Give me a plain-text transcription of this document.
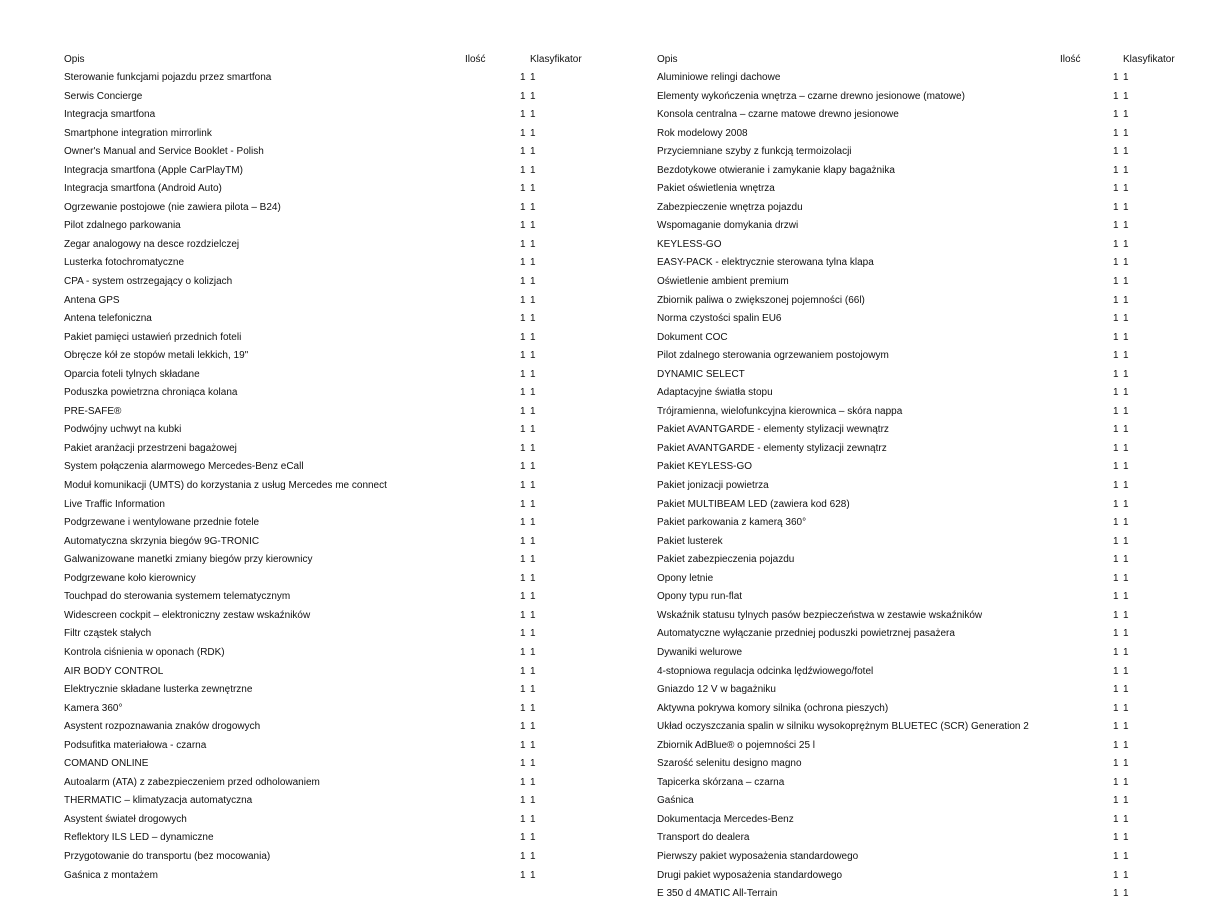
Opis	Ilość	Klasyfikator
Sterowanie funkcjami pojazdu przez smartfona	1 1
Serwis Concierge	1 1
Integracja smartfona	1 1
Smartphone integration mirrorlink	1 1
Owner's Manual and Service Booklet - Polish	1 1
Integracja smartfona (Apple CarPlayTM)	1 1
Integracja smartfona (Android Auto)	1 1
Ogrzewanie postojowe (nie zawiera pilota – B24)	1 1
Pilot zdalnego parkowania	1 1
Zegar analogowy na desce rozdzielczej	1 1
Lusterka fotochromatyczne	1 1
CPA - system ostrzegający o kolizjach	1 1
Antena GPS	1 1
Antena telefoniczna	1 1
Pakiet pamięci ustawień przednich foteli	1 1
Obręcze kół ze stopów metali lekkich, 19"	1 1
Oparcia foteli tylnych składane	1 1
Poduszka powietrzna chroniąca kolana	1 1
PRE-SAFE®	1 1
Podwójny uchwyt na kubki	1 1
Pakiet aranżacji przestrzeni bagażowej	1 1
System połączenia alarmowego Mercedes-Benz eCall	1 1
Moduł komunikacji (UMTS) do korzystania z usług Mercedes me connect	1 1
Live Traffic Information	1 1
Podgrzewane i wentylowane przednie fotele	1 1
Automatyczna skrzynia biegów 9G-TRONIC	1 1
Galwanizowane manetki zmiany biegów przy kierownicy	1 1
Podgrzewane koło kierownicy	1 1
Touchpad do sterowania systemem telematycznym	1 1
Widescreen cockpit – elektroniczny zestaw wskaźników	1 1
Filtr cząstek stałych	1 1
Kontrola ciśnienia w oponach (RDK)	1 1
AIR BODY CONTROL	1 1
Elektrycznie składane lusterka zewnętrzne	1 1
Kamera 360°	1 1
Asystent rozpoznawania znaków drogowych	1 1
Podsufitka materiałowa - czarna	1 1
COMAND ONLINE	1 1
Autoalarm (ATA) z zabezpieczeniem przed odholowaniem	1 1
THERMATIC – klimatyzacja automatyczna	1 1
Asystent świateł drogowych	1 1
Reflektory ILS LED – dynamiczne	1 1
Przygotowanie do transportu (bez mocowania)	1 1
Gaśnica z montażem	1 1
Opis	Ilość	Klasyfikator
Aluminiowe relingi dachowe	1 1
Elementy wykończenia wnętrza – czarne drewno jesionowe (matowe)	1 1
Konsola centralna – czarne matowe drewno jesionowe	1 1
Rok modelowy 2008	1 1
Przyciemniane szyby z funkcją termoizolacji	1 1
Bezdotykowe otwieranie i zamykanie klapy bagażnika	1 1
Pakiet oświetlenia wnętrza	1 1
Zabezpieczenie wnętrza pojazdu	1 1
Wspomaganie domykania drzwi	1 1
KEYLESS-GO	1 1
EASY-PACK - elektrycznie sterowana tylna klapa	1 1
Oświetlenie ambient premium	1 1
Zbiornik paliwa o zwiększonej pojemności (66l)	1 1
Norma czystości spalin EU6	1 1
Dokument COC	1 1
Pilot zdalnego sterowania ogrzewaniem postojowym	1 1
DYNAMIC SELECT	1 1
Adaptacyjne światła stopu	1 1
Trójramienna, wielofunkcyjna kierownica – skóra nappa	1 1
Pakiet AVANTGARDE - elementy stylizacji wewnątrz	1 1
Pakiet AVANTGARDE - elementy stylizacji zewnątrz	1 1
Pakiet KEYLESS-GO	1 1
Pakiet jonizacji powietrza	1 1
Pakiet MULTIBEAM LED (zawiera kod 628)	1 1
Pakiet parkowania z kamerą 360°	1 1
Pakiet lusterek	1 1
Pakiet zabezpieczenia pojazdu	1 1
Opony letnie	1 1
Opony typu run-flat	1 1
Wskaźnik statusu tylnych pasów bezpieczeństwa w zestawie wskaźników	1 1
Automatyczne wyłączanie przedniej poduszki powietrznej pasażera	1 1
Dywaniki welurowe	1 1
4-stopniowa regulacja odcinka lędźwiowego/fotel	1 1
Gniazdo 12 V w bagażniku	1 1
Aktywna pokrywa komory silnika (ochrona pieszych)	1 1
Układ oczyszczania spalin w silniku wysokoprężnym BLUETEC (SCR) Generation 2	1 1
Zbiornik AdBlue® o pojemności 25 l	1 1
Szarość selenitu designo magno	1 1
Tapicerka skórzana – czarna	1 1
Gaśnica	1 1
Dokumentacja Mercedes-Benz	1 1
Transport do dealera	1 1
Pierwszy pakiet wyposażenia standardowego	1 1
Drugi pakiet wyposażenia standardowego	1 1
E 350 d 4MATIC All-Terrain	1 1
